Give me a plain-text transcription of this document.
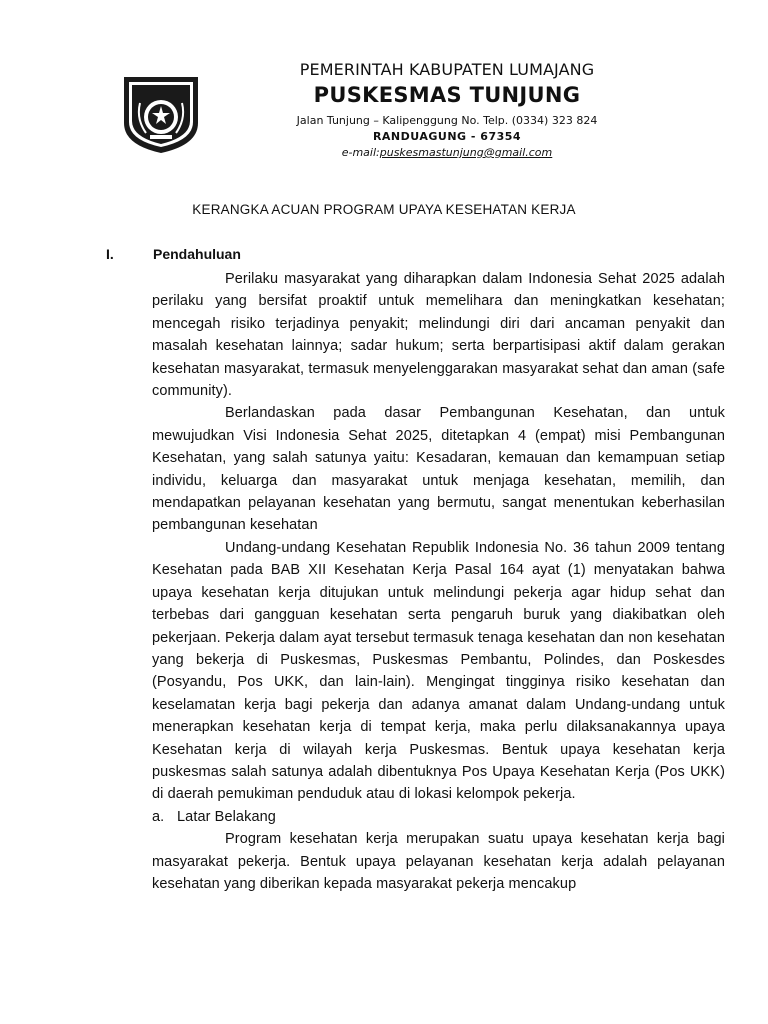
KABUPATEN LUMAJANG	PEMERINTAH KABUPATEN LUMAJANG
PUSKESMAS TUNJUNG
Jalan Tunjung – Kalipenggung No. Telp. (0334) 323 824
RANDUAGUNG - 67354
e-mail:puskesmastunjung@gmail.com
KERANGKA ACUAN PROGRAM UPAYA KESEHATAN KERJA
I.	Pendahuluan

Perilaku masyarakat yang diharapkan dalam Indonesia Sehat 2025 adalah perilaku yang bersifat proaktif untuk memelihara dan meningkatkan kesehatan; mencegah risiko terjadinya penyakit; melindungi diri dari ancaman penyakit dan masalah kesehatan lainnya; sadar hukum; serta berpartisipasi aktif dalam gerakan kesehatan masyarakat, termasuk menyelenggarakan masyarakat sehat dan aman (safe community).

Berlandaskan pada dasar Pembangunan Kesehatan, dan untuk mewujudkan Visi Indonesia Sehat 2025, ditetapkan 4 (empat) misi Pembangunan Kesehatan, yang salah satunya yaitu: Kesadaran, kemauan dan kemampuan setiap individu, keluarga dan masyarakat untuk menjaga kesehatan, memilih, dan mendapatkan pelayanan kesehatan yang bermutu, sangat menentukan keberhasilan pembangunan kesehatan

Undang-undang Kesehatan Republik Indonesia No. 36 tahun 2009 tentang Kesehatan pada BAB XII Kesehatan Kerja Pasal 164 ayat (1) menyatakan bahwa upaya kesehatan kerja ditujukan untuk melindungi pekerja agar hidup sehat dan terbebas dari gangguan kesehatan serta pengaruh buruk yang diakibatkan oleh pekerjaan. Pekerja dalam ayat tersebut termasuk tenaga kesehatan dan non kesehatan yang bekerja di Puskesmas, Puskesmas Pembantu, Polindes, dan Poskesdes (Posyandu, Pos UKK, dan lain-lain). Mengingat tingginya risiko kesehatan dan keselamatan kerja bagi pekerja dan adanya amanat dalam Undang-undang untuk menerapkan kesehatan kerja di tempat kerja, maka perlu dilaksanakannya upaya Kesehatan kerja di wilayah kerja Puskesmas. Bentuk upaya kesehatan kerja puskesmas salah satunya adalah dibentuknya Pos Upaya Kesehatan Kerja (Pos UKK) di daerah pemukiman penduduk atau di lokasi kelompok pekerja.

a. Latar Belakang

Program kesehatan kerja merupakan suatu upaya kesehatan kerja bagi masyarakat pekerja. Bentuk upaya pelayanan kesehatan kerja adalah pelayanan kesehatan yang diberikan kepada masyarakat pekerja mencakup
